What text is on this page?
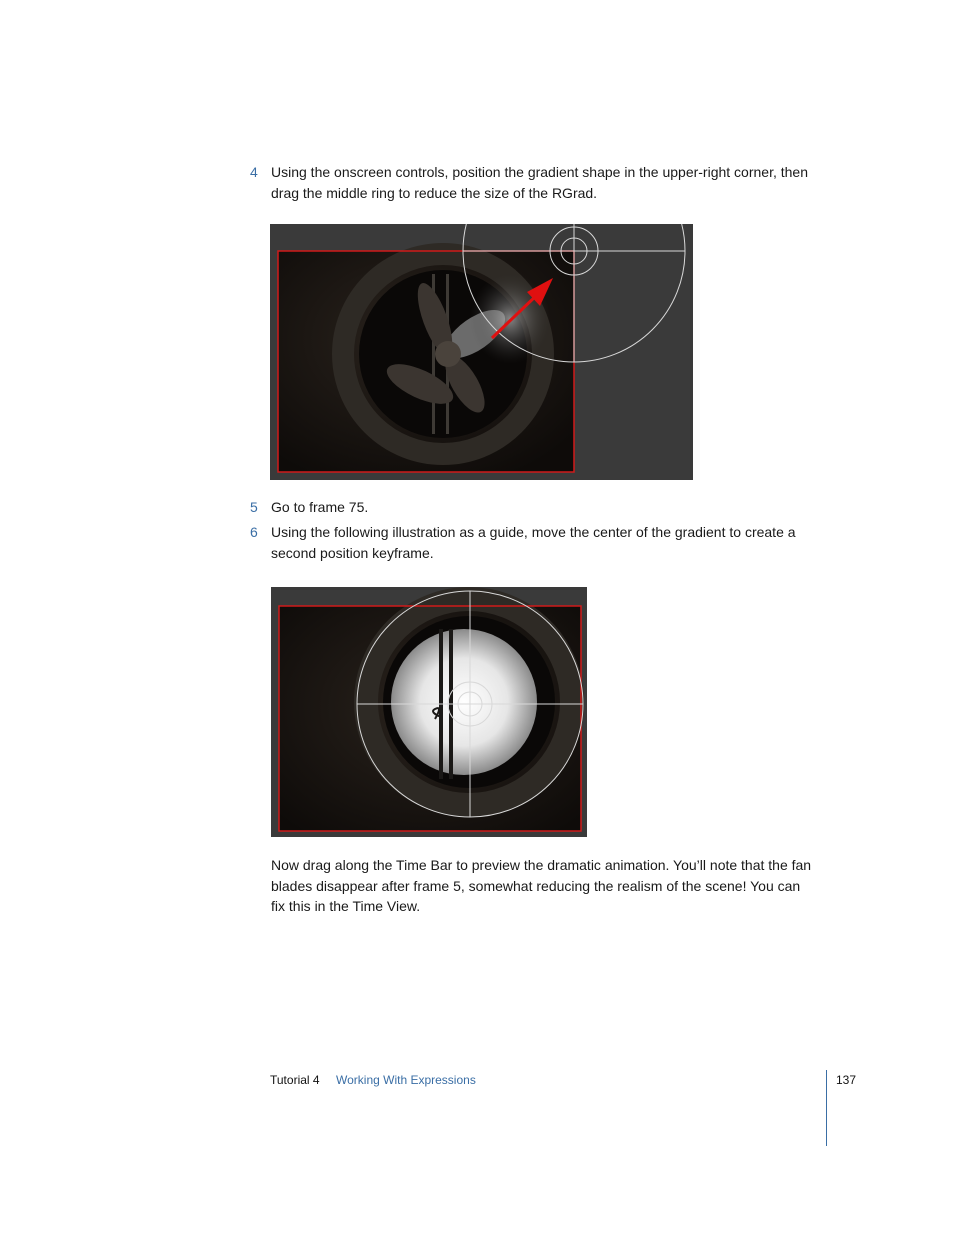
4 Using the onscreen controls, position the gradient shape in the upper-right corner, then drag the middle ring to reduce the size of the RGrad.
5 Go to frame 75.
6 Using the following illustration as a guide, move the center of the gradient to create a second position keyframe.
Now drag along the Time Bar to preview the dramatic animation. You’ll note that the fan blades disappear after frame 5, somewhat reducing the realism of the scene! You can fix this in the Time View.
Tutorial 4 Working With Expressions	137
